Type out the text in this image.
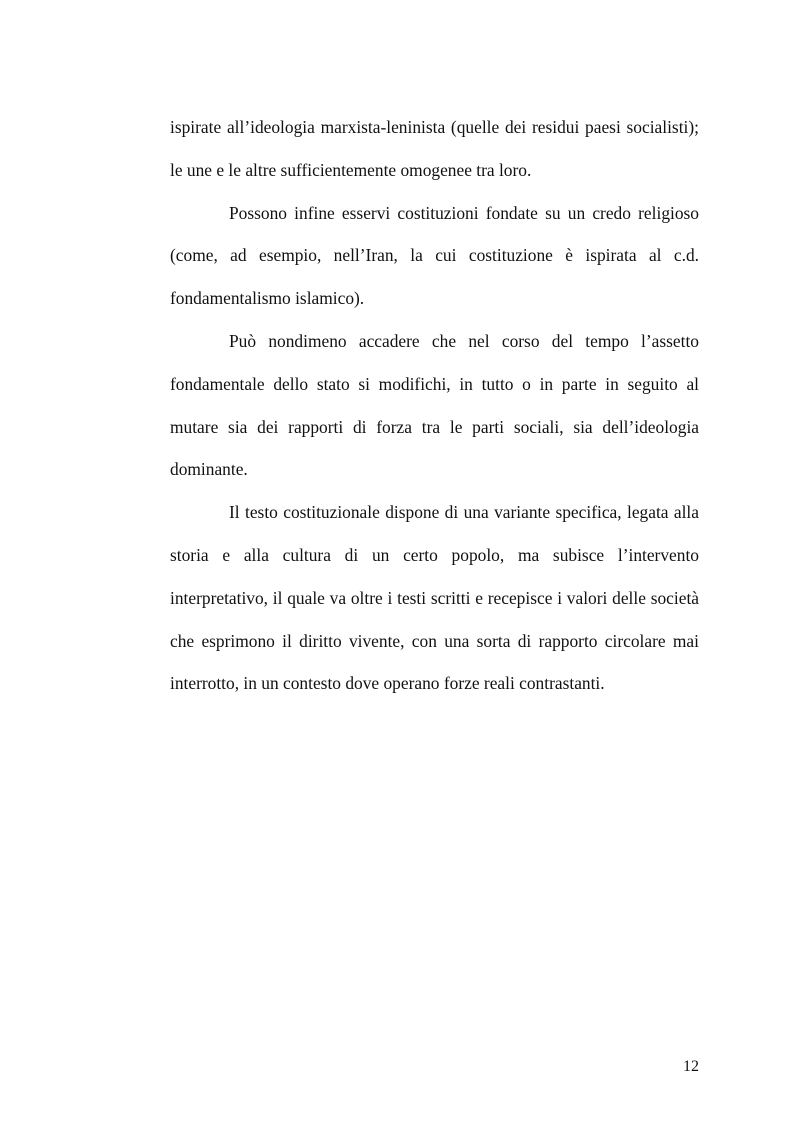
ispirate all’ideologia marxista-leninista (quelle dei residui paesi socialisti); le une e le altre sufficientemente omogenee tra loro.

Possono infine esservi costituzioni fondate su un credo religioso (come, ad esempio, nell’Iran, la cui costituzione è ispirata al c.d. fondamentalismo islamico).

Può nondimeno accadere che nel corso del tempo l’assetto fondamentale dello stato si modifichi, in tutto o in parte in seguito al mutare sia dei rapporti di forza tra le parti sociali, sia dell’ideologia dominante.

Il testo costituzionale dispone di una variante specifica, legata alla storia e alla cultura di un certo popolo, ma subisce l’intervento interpretativo, il quale va oltre i testi scritti e recepisce i valori delle società che esprimono il diritto vivente, con una sorta di rapporto circolare mai interrotto, in un contesto dove operano forze reali contrastanti.

12
